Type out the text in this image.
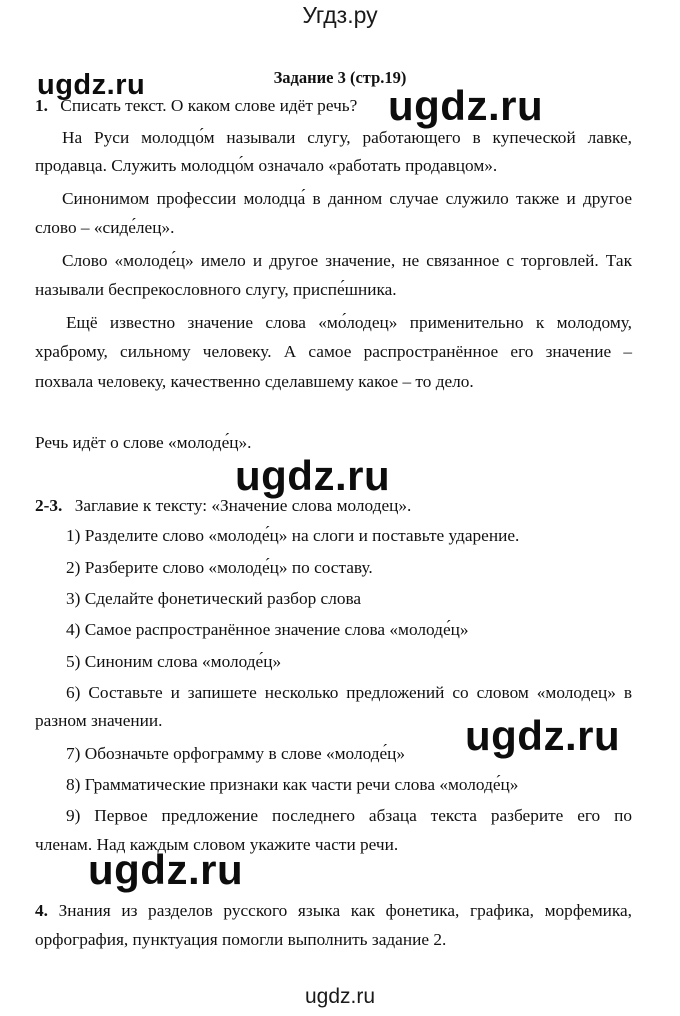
Угдз.ру
ugdz.ru	ugdz.ru
ugdz.ru
ugdz.ru
ugdz.ru
Задание 3 (стр.19)
1. Списать текст. О каком слове идёт речь?
На Руси молодцо́м называли слугу, работающего в купеческой лавке,
продавца. Служить молодцо́м означало «работать продавцом».
Синонимом профессии молодца́ в данном случае служило также и другое
слово – «сиде́лец».
Слово «молоде́ц» имело и другое значение, не связанное с торговлей. Так
называли беспрекословного слугу, приспе́шника.
Ещё известно значение слова «мо́лодец» применительно к молодому,
храброму, сильному человеку. А самое распространённое его значение –
похвала человеку, качественно сделавшему какое – то дело.
Речь идёт о слове «молоде́ц».
2-3. Заглавие к тексту: «Значение слова молодец».
1) Разделите слово «молоде́ц» на слоги и поставьте ударение.
2) Разберите слово «молоде́ц» по составу.
3) Сделайте фонетический разбор слова
4) Самое распространённое значение слова «молоде́ц»
5) Синоним слова «молоде́ц»
6) Составьте и запишете несколько предложений со словом «молодец» в
разном значении.
7) Обозначьте орфограмму в слове «молоде́ц»
8) Грамматические признаки как части речи слова «молоде́ц»
9) Первое предложение последнего абзаца текста разберите его по
членам. Над каждым словом укажите части речи.
4. Знания из разделов русского языка как фонетика, графика, морфемика,
орфография, пунктуация помогли выполнить задание 2.
ugdz.ru
